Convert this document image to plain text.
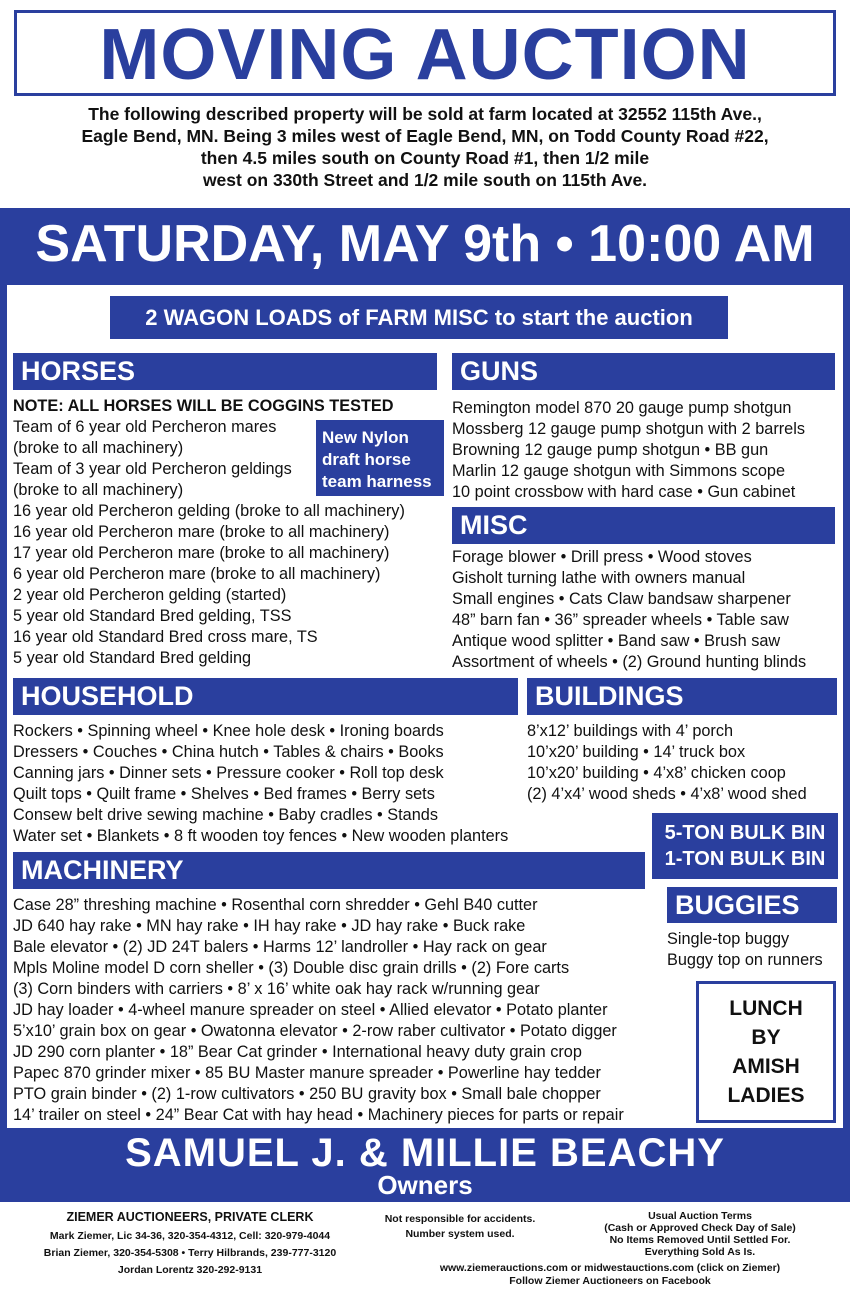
MOVING AUCTION
The following described property will be sold at farm located at 32552 115th Ave.,
Eagle Bend, MN. Being 3 miles west of Eagle Bend, MN, on Todd County Road #22,
then 4.5 miles south on County Road #1, then 1/2 mile
west on 330th Street and 1/2 mile south on 115th Ave.
SATURDAY, MAY 9th • 10:00 AM
2 WAGON LOADS of FARM MISC to start the auction
HORSES
NOTE: ALL HORSES WILL BE COGGINS TESTED
Team of 6 year old Percheron mares
(broke to all machinery)
Team of 3 year old Percheron geldings
(broke to all machinery)
16 year old Percheron gelding (broke to all machinery)
16 year old Percheron mare (broke to all machinery)
17 year old Percheron mare (broke to all machinery)
6 year old Percheron mare (broke to all machinery)
2 year old Percheron gelding (started)
5 year old Standard Bred gelding, TSS
16 year old Standard Bred cross mare, TS
5 year old Standard Bred gelding
New Nylon
draft horse
team harness
GUNS
Remington model 870 20 gauge pump shotgun
Mossberg 12 gauge pump shotgun with 2 barrels
Browning 12 gauge pump shotgun • BB gun
Marlin 12 gauge shotgun with Simmons scope
10 point crossbow with hard case • Gun cabinet
MISC
Forage blower • Drill press • Wood stoves
Gisholt turning lathe with owners manual
Small engines • Cats Claw bandsaw sharpener
48” barn fan • 36” spreader wheels • Table saw
Antique wood splitter • Band saw • Brush saw
Assortment of wheels • (2) Ground hunting blinds
HOUSEHOLD
Rockers • Spinning wheel • Knee hole desk • Ironing boards
Dressers • Couches • China hutch • Tables & chairs • Books
Canning jars • Dinner sets • Pressure cooker • Roll top desk
Quilt tops • Quilt frame • Shelves • Bed frames • Berry sets
Consew belt drive sewing machine • Baby cradles • Stands
Water set • Blankets • 8 ft wooden toy fences • New wooden planters
BUILDINGS
8’x12’ buildings with 4’ porch
10’x20’ building • 14’ truck box
10’x20’ building • 4’x8’ chicken coop
(2) 4’x4’ wood sheds • 4’x8’ wood shed
5-TON BULK BIN
1-TON BULK BIN
MACHINERY
Case 28” threshing machine • Rosenthal corn shredder • Gehl B40 cutter
JD 640 hay rake • MN hay rake • IH hay rake • JD hay rake • Buck rake
Bale elevator • (2) JD 24T balers • Harms 12’ landroller • Hay rack on gear
Mpls Moline model D corn sheller • (3) Double disc grain drills • (2) Fore carts
(3) Corn binders with carriers • 8’ x 16’ white oak hay rack w/running gear
JD hay loader • 4-wheel manure spreader on steel • Allied elevator • Potato planter
5’x10’ grain box on gear • Owatonna elevator • 2-row raber cultivator • Potato digger
JD 290 corn planter • 18” Bear Cat grinder • International heavy duty grain crop
Papec 870 grinder mixer • 85 BU Master manure spreader • Powerline hay tedder
PTO grain binder • (2) 1-row cultivators • 250 BU gravity box • Small bale chopper
14’ trailer on steel • 24” Bear Cat with hay head • Machinery pieces for parts or repair
BUGGIES
Single-top buggy
Buggy top on runners
LUNCH
BY
AMISH
LADIES
SAMUEL J. & MILLIE BEACHY
Owners
ZIEMER AUCTIONEERS, PRIVATE CLERK
Mark Ziemer, Lic 34-36, 320-354-4312, Cell: 320-979-4044
Brian Ziemer, 320-354-5308 • Terry Hilbrands, 239-777-3120
Jordan Lorentz 320-292-9131
Not responsible for accidents.
Number system used.
Usual Auction Terms
(Cash or Approved Check Day of Sale)
No Items Removed Until Settled For.
Everything Sold As Is.
www.ziemerauctions.com or midwestauctions.com (click on Ziemer)
Follow Ziemer Auctioneers on Facebook
